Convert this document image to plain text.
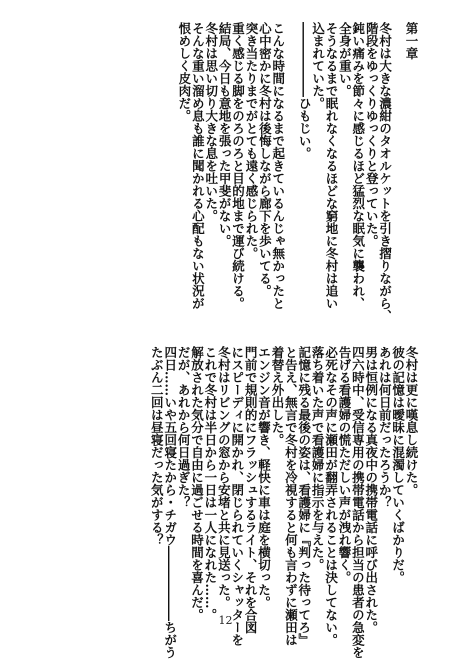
第一章
冬村は大きな濃紺のタオルケットを引き摺りながら、
階段をゆっくりゆっくりと登っていた。
鈍い痛みを節々に感じるほど猛烈な眠気に襲われ、
全身が重い。
そうなるまで眠れなくなるほどな窮地に冬村は追い
込まれていた。
――――――ひもじい。
こんな時間になるまで起きているんじゃ無かったと
心中密かに冬村は後悔しながら廊下を歩いてる。
突き当たりまでがとても遠く感じられた。
重く感じる脚をのろのろと目的地まで運び続ける。
結局、今日も意地を張った甲斐がない。
冬村は思い切り大きな息を吐いた。
そんな重い溜め息も誰に聞かれる心配もない状況が
恨めしく皮肉だ。
冬村は更に嘆息し続けた。
彼の記憶は曖昧に混濁していくばかりだ。
あれは何日前だったろうか？
男は恒例になる真夜中の携帯電話に呼び出された。
四六時中、受信専用の携帯電話から担当の患者の急変を
告げる看護婦の慌ただしい声が洩れ響く。
必死なその声に瀬田が翻弄されることは決してない。
落ち着いた声で看護婦に指示を与えた。
記憶に残る最後の姿は、看護婦に『判った待ってろ』
と告え、無言で冬村を冷視すると何も言わずに瀬田は
着替え外出した。
エンジン音が響き、軽快に車は庭を横切った。
門前で規則的にフラッシュするライト、それを合図
にスピーディに開かれ、閉じられていくシャッターを
冬村はリビングの窓から安堵と共に見送った。
これで冬村は半日から一日は一人になれた……。
解放された気分で自由に過ごせる時間を喜んだ。
だが、あれから何日過ぎた？
四日……いや五回寝たから・チガウ――――――ちがう
たぶん二回は昼寝だった気がする？
12
